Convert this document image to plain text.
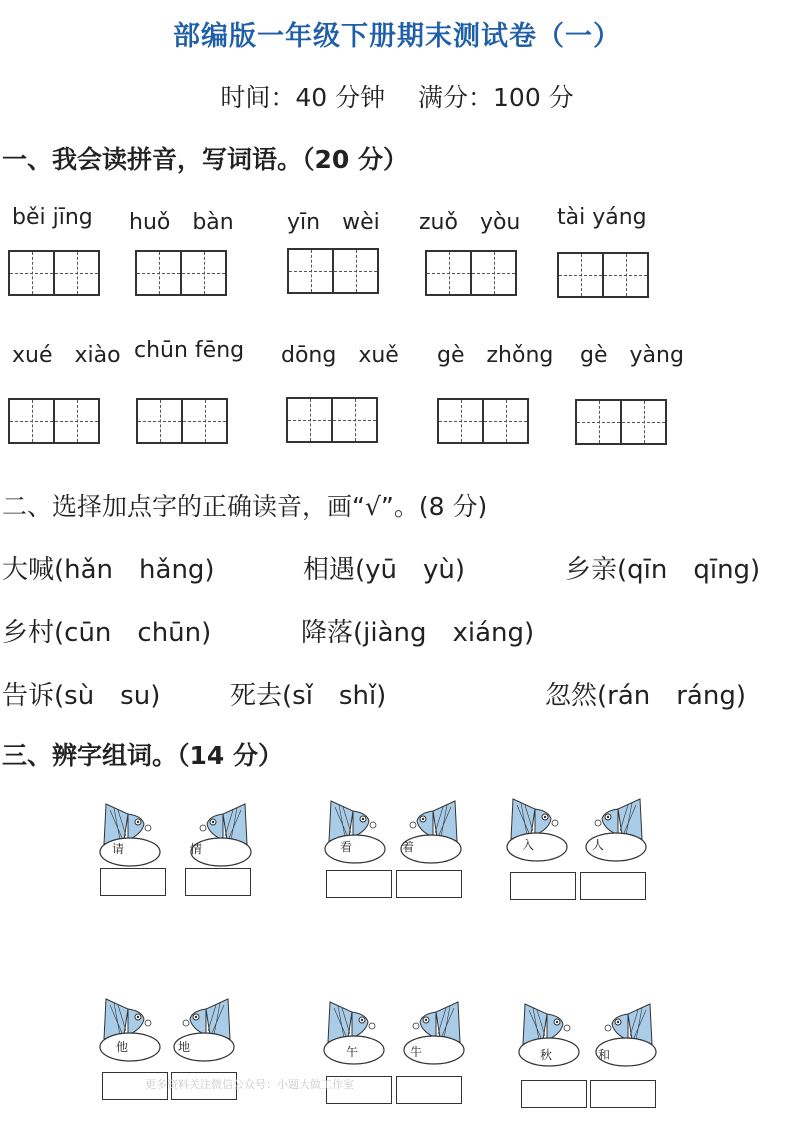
部编版一年级下册期末测试卷（一）
时间：40 分钟　 满分：100 分
一、我会读拼音，写词语。（20 分）
běi jīng huǒ　bàn yīn　wèi zuǒ　yòu tài yáng
xué　xiào chūn fēng dōng　xuě gè　zhǒng gè　yàng
二、选择加点字的正确读音，画“√”。(8 分)
大喊(hǎn　hǎng)	相遇(yū　yù)	乡亲(qīn　qīng)
乡村(cūn　chūn)	降落(jiàng　xiáng)
告诉(sù　su)	死去(sǐ　shǐ)	忽然(rán　ráng)
三、辨字组词。（14 分）
请	情	看	着	入	人
他	地	午	牛	秋	和
更多资料关注微信公众号：小题大做工作室
